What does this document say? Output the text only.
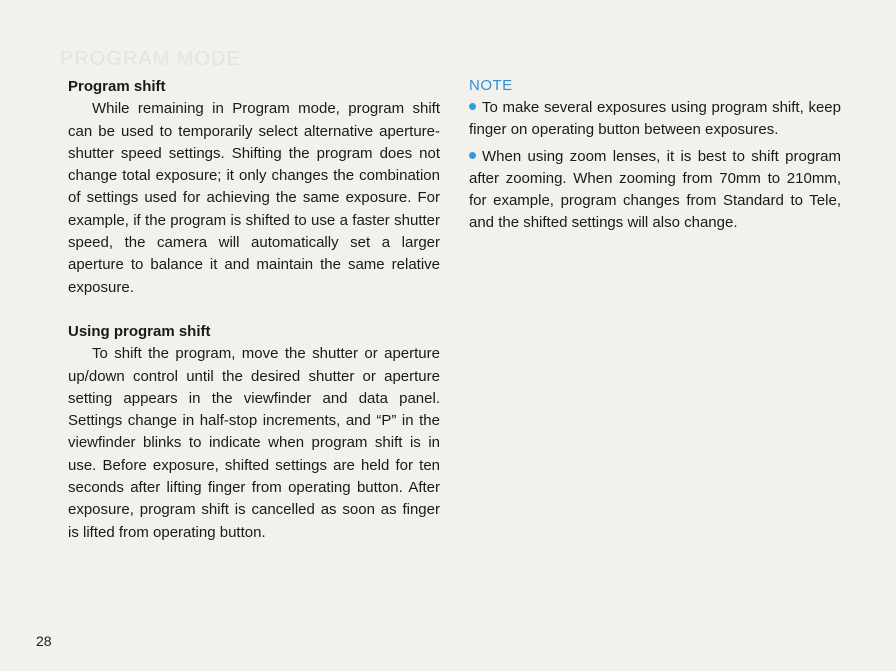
PROGRAM MODE
Program shift

While remaining in Program mode, program shift can be used to temporarily select alternative aperture-shutter speed settings. Shifting the program does not change total exposure; it only changes the combination of settings used for achieving the same exposure. For example, if the program is shifted to use a faster shutter speed, the camera will automatically set a larger aperture to balance it and maintain the same relative exposure.

Using program shift

To shift the program, move the shutter or aperture up/down control until the desired shutter or aperture setting appears in the viewfinder and data panel. Settings change in half-stop increments, and “P” in the viewfinder blinks to indicate when program shift is in use. Before exposure, shifted settings are held for ten seconds after lifting finger from operating button. After exposure, program shift is cancelled as soon as finger is lifted from operating button.

NOTE

To make several exposures using program shift, keep finger on operating button between exposures.

When using zoom lenses, it is best to shift program after zooming. When zooming from 70mm to 210mm, for example, program changes from Standard to Tele, and the shifted settings will also change.

28
